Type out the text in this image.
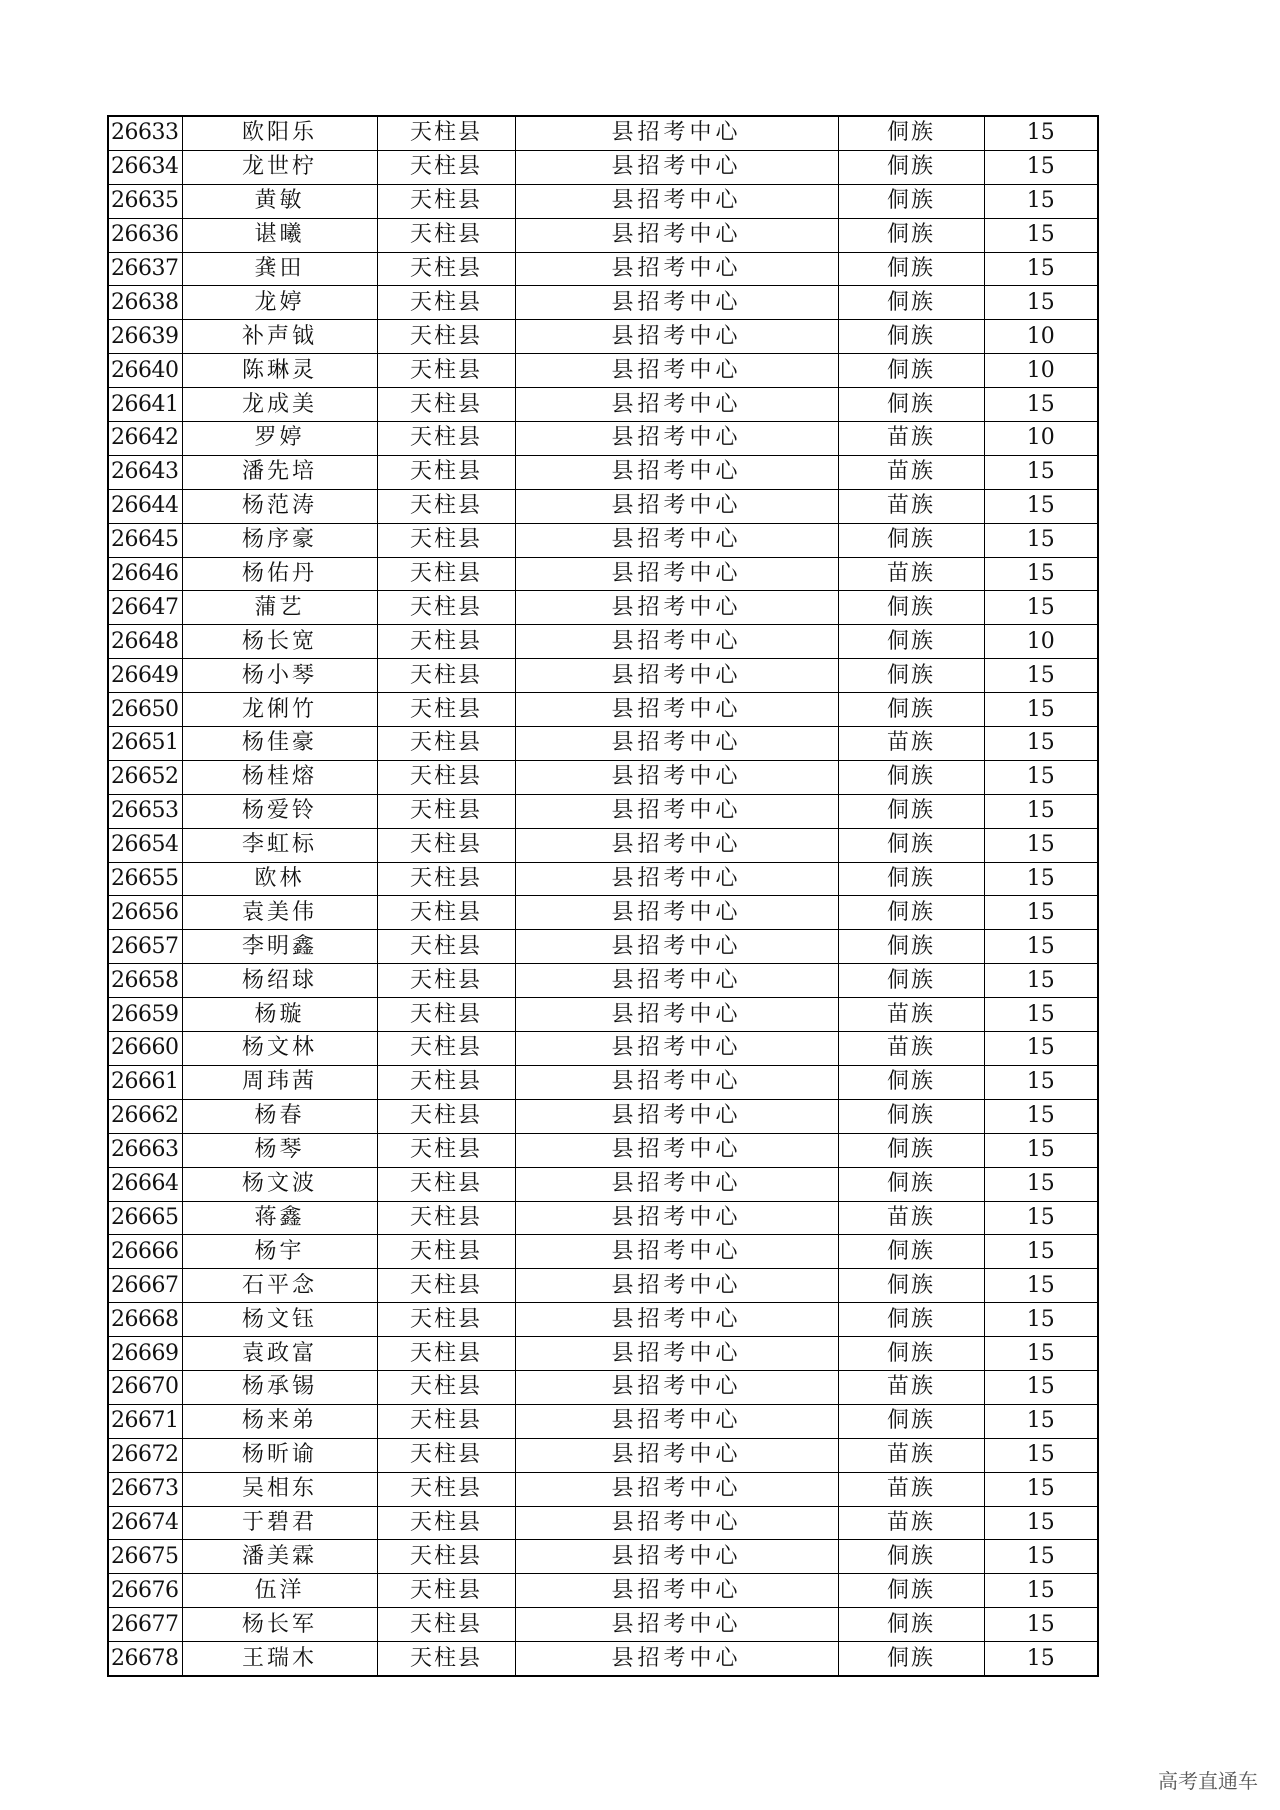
26633	欧阳乐	天柱县	县招考中心	侗族	15
26634	龙世柠	天柱县	县招考中心	侗族	15
26635	黄敏	天柱县	县招考中心	侗族	15
26636	谌曦	天柱县	县招考中心	侗族	15
26637	龚田	天柱县	县招考中心	侗族	15
26638	龙婷	天柱县	县招考中心	侗族	15
26639	补声钺	天柱县	县招考中心	侗族	10
26640	陈琳灵	天柱县	县招考中心	侗族	10
26641	龙成美	天柱县	县招考中心	侗族	15
26642	罗婷	天柱县	县招考中心	苗族	10
26643	潘先培	天柱县	县招考中心	苗族	15
26644	杨范涛	天柱县	县招考中心	苗族	15
26645	杨序豪	天柱县	县招考中心	侗族	15
26646	杨佑丹	天柱县	县招考中心	苗族	15
26647	蒲艺	天柱县	县招考中心	侗族	15
26648	杨长宽	天柱县	县招考中心	侗族	10
26649	杨小琴	天柱县	县招考中心	侗族	15
26650	龙俐竹	天柱县	县招考中心	侗族	15
26651	杨佳豪	天柱县	县招考中心	苗族	15
26652	杨桂熔	天柱县	县招考中心	侗族	15
26653	杨爱铃	天柱县	县招考中心	侗族	15
26654	李虹标	天柱县	县招考中心	侗族	15
26655	欧林	天柱县	县招考中心	侗族	15
26656	袁美伟	天柱县	县招考中心	侗族	15
26657	李明鑫	天柱县	县招考中心	侗族	15
26658	杨绍球	天柱县	县招考中心	侗族	15
26659	杨璇	天柱县	县招考中心	苗族	15
26660	杨文林	天柱县	县招考中心	苗族	15
26661	周玮茜	天柱县	县招考中心	侗族	15
26662	杨春	天柱县	县招考中心	侗族	15
26663	杨琴	天柱县	县招考中心	侗族	15
26664	杨文波	天柱县	县招考中心	侗族	15
26665	蒋鑫	天柱县	县招考中心	苗族	15
26666	杨宇	天柱县	县招考中心	侗族	15
26667	石平念	天柱县	县招考中心	侗族	15
26668	杨文钰	天柱县	县招考中心	侗族	15
26669	袁政富	天柱县	县招考中心	侗族	15
26670	杨承锡	天柱县	县招考中心	苗族	15
26671	杨来弟	天柱县	县招考中心	侗族	15
26672	杨昕谕	天柱县	县招考中心	苗族	15
26673	吴相东	天柱县	县招考中心	苗族	15
26674	于碧君	天柱县	县招考中心	苗族	15
26675	潘美霖	天柱县	县招考中心	侗族	15
26676	伍洋	天柱县	县招考中心	侗族	15
26677	杨长军	天柱县	县招考中心	侗族	15
26678	王瑞木	天柱县	县招考中心	侗族	15
高考直通车
